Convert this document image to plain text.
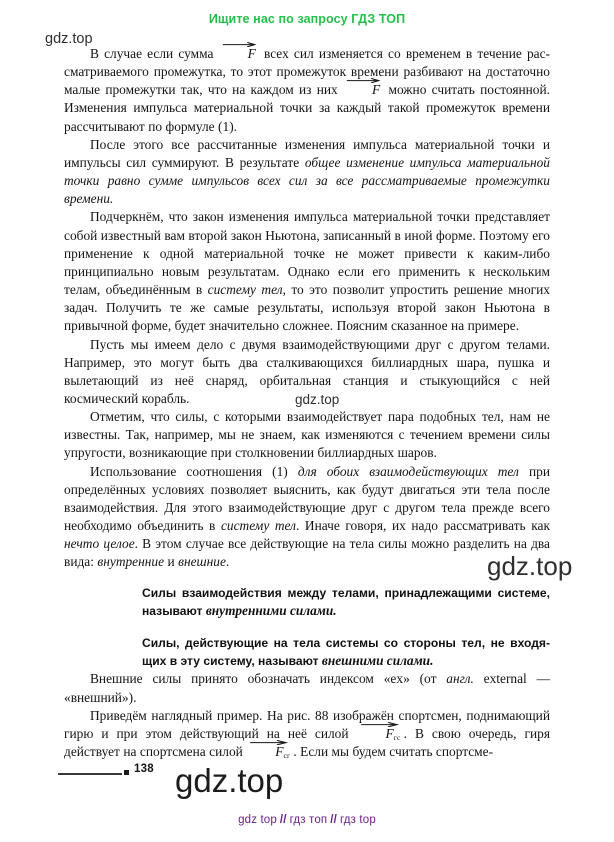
Ищите нас по запросу ГДЗ ТОП

В случае если сумма	F всех сил изменяется со временем в течение рассматриваемого промежутка, то этот промежуток времени разбивают на достаточно малые промежутки так, что на каждом из них	F можно считать постоянной. Изменения импульса материальной точки за каждый такой промежуток времени рассчитывают по формуле (1).

После этого все рассчитанные изменения импульса материальной точки и импульсы сил суммируют. В результате общее изменение импульса материальной точки равно сумме импульсов всех сил за все рассматриваемые промежутки времени.

Подчеркнём, что закон изменения импульса материальной точки представляет собой известный вам второй закон Ньютона, записанный в иной форме. Поэтому его применение к одной материальной точке не может привести к каким-либо принципиально новым результатам. Однако если его применить к нескольким телам, объединённым в систему тел, то это позволит упростить решение многих задач. Получить те же самые результаты, используя второй закон Ньютона в привычной форме, будет значительно сложнее. Поясним сказанное на примере.

Пусть мы имеем дело с двумя взаимодействующими друг с другом телами. Например, это могут быть два сталкивающихся биллиардных шара, пушка и вылетающий из неё снаряд, орбитальная станция и стыкующийся с ней космический корабль.

Отметим, что силы, с которыми взаимодействует пара подобных тел, нам не известны. Так, например, мы не знаем, как изменяются с течением времени силы упругости, возникающие при столкновении биллиардных шаров.

Использование соотношения (1) для обоих взаимодействующих тел при определённых условиях позволяет выяснить, как будут двигаться эти тела после взаимодействия. Для этого взаимодействующие друг с другом тела прежде всего необходимо объединить в систему тел. Иначе говоря, их надо рассматривать как нечто целое. В этом случае все действующие на тела силы можно разделить на два вида: внутренние и внешние.

Силы взаимодействия между телами, принадлежащими системе, называют внутренними силами.
Силы, действующие на тела системы со стороны тел, не входящих в эту систему, называют внешними силами.

Внешние силы принято обозначать индексом «ex» (от англ. external — «внешний»).

Приведём наглядный пример. На рис. 88 изображён спортсмен, поднимающий гирю и при этом действующий на неё силой	$F_{гс}$ . В свою очередь, гиря действует на спортсмена силой $F_{сг}$ . Если мы будем считать спортсме-

138
gdz top // гдз топ // гдз top
gdz.top
gdz.top
gdz.top
gdz.top
